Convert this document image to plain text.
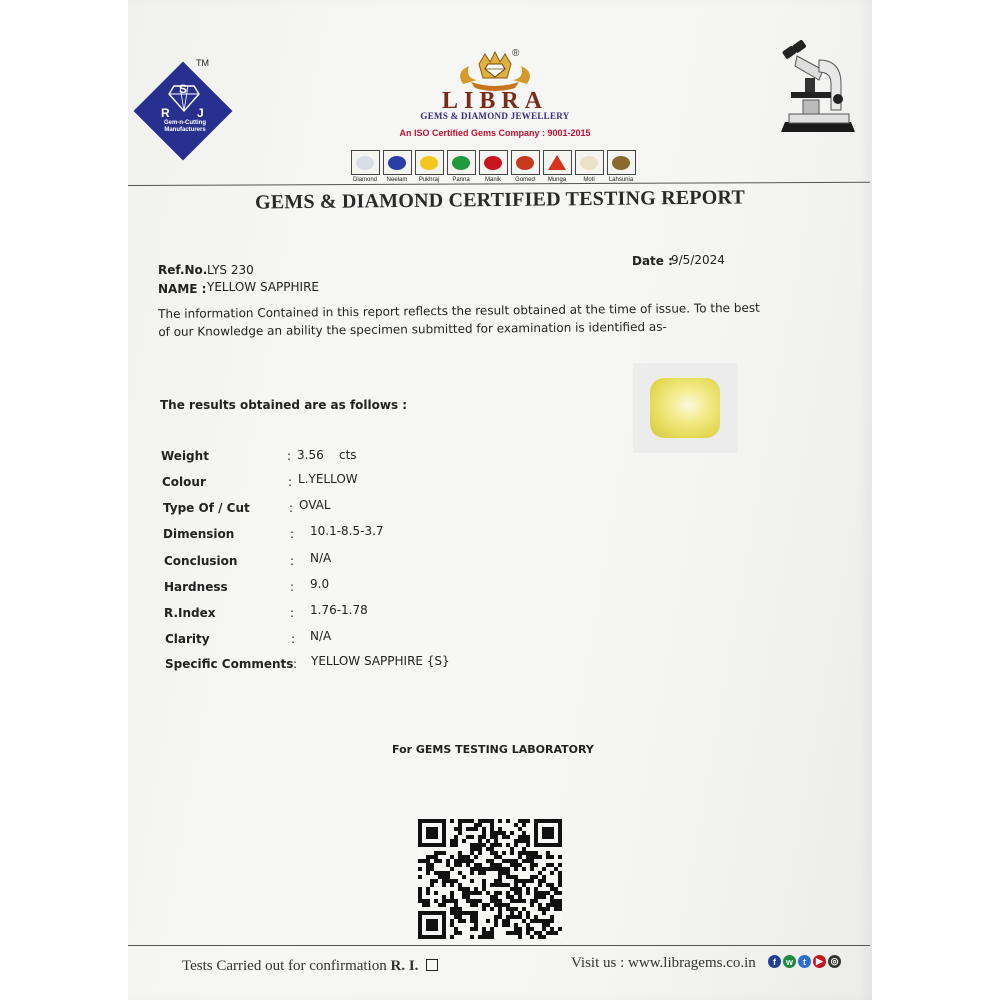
S
R J
Gem-n-Cutting Manufacturers
TM
®
LIBRA
GEMS & DIAMOND JEWELLERY
An ISO Certified Gems Company : 9001-2015
Diamond Neelam Pukhraj Panna	Manik Gomed Munga	Moti Lahsunia
GEMS & DIAMOND CERTIFIED TESTING REPORT
Ref.No. LYS 230
NAME : YELLOW SAPPHIRE
Date :
9/5/2024
The information Contained in this report reflects the result obtained at the time of issue. To the best of our Knowledge an ability the specimen submitted for examination is identified as-
The results obtained are as follows :
Weight	: 3.56    cts
Colour	: L.YELLOW
Type Of / Cut	: OVAL
Dimension	: 10.1-8.5-3.7
Conclusion	: N/A
Hardness	: 9.0
R.Index	: 1.76-1.78
Clarity	: N/A
Specific Comments : YELLOW SAPPHIRE {S}
For GEMS TESTING LABORATORY
Tests Carried out for confirmation R. I.	Visit us : www.libragems.co.in	f	w	t	▶ ◎
